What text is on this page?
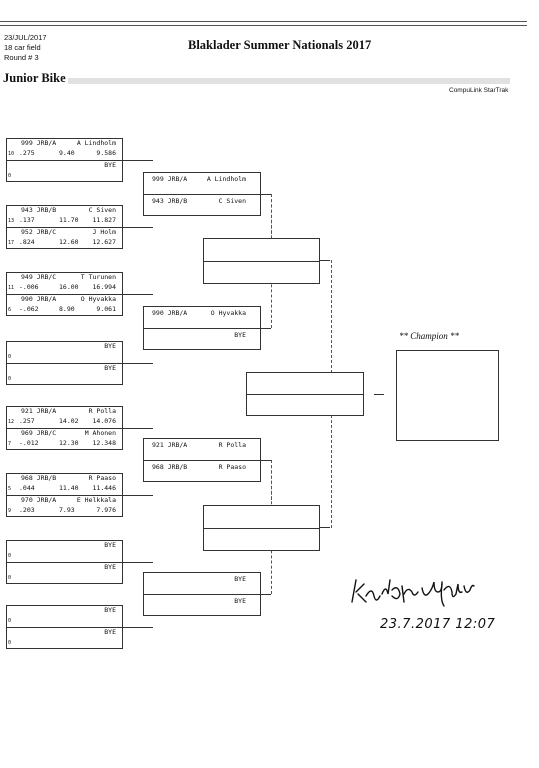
23/JUL/2017
18 car field
Round # 3
Blaklader Summer Nationals 2017
Junior Bike
CompuLink StarTrak
999 JRB/A	A Lindholm
10 .275	9.40	9.586
BYE
0
943 JRB/B	C Siven
13 .137	11.70 11.827
952 JRB/C	J Holm
17 .824	12.60 12.627
949 JRB/C	T Turunen
11 -.006	16.00 16.994
990 JRB/A	O Hyvakka
6 -.062	8.90	9.061
BYE
0
BYE
0
921 JRB/A	R Polla
12 .257	14.02 14.076
969 JRB/C	M Ahonen
7 -.012	12.30 12.348
968 JRB/B	R Paaso
5 .044	11.40 11.446
970 JRB/A	E Helkkala
9 .203	7.93	7.976
BYE
0
BYE
0
BYE
0
BYE
0
999 JRB/A	A Lindholm
943 JRB/B	C Siven
990 JRB/A	O Hyvakka
BYE
921 JRB/A	R Polla
968 JRB/B	R Paaso
BYE
BYE
** Champion **
23.7.2017 12:07
